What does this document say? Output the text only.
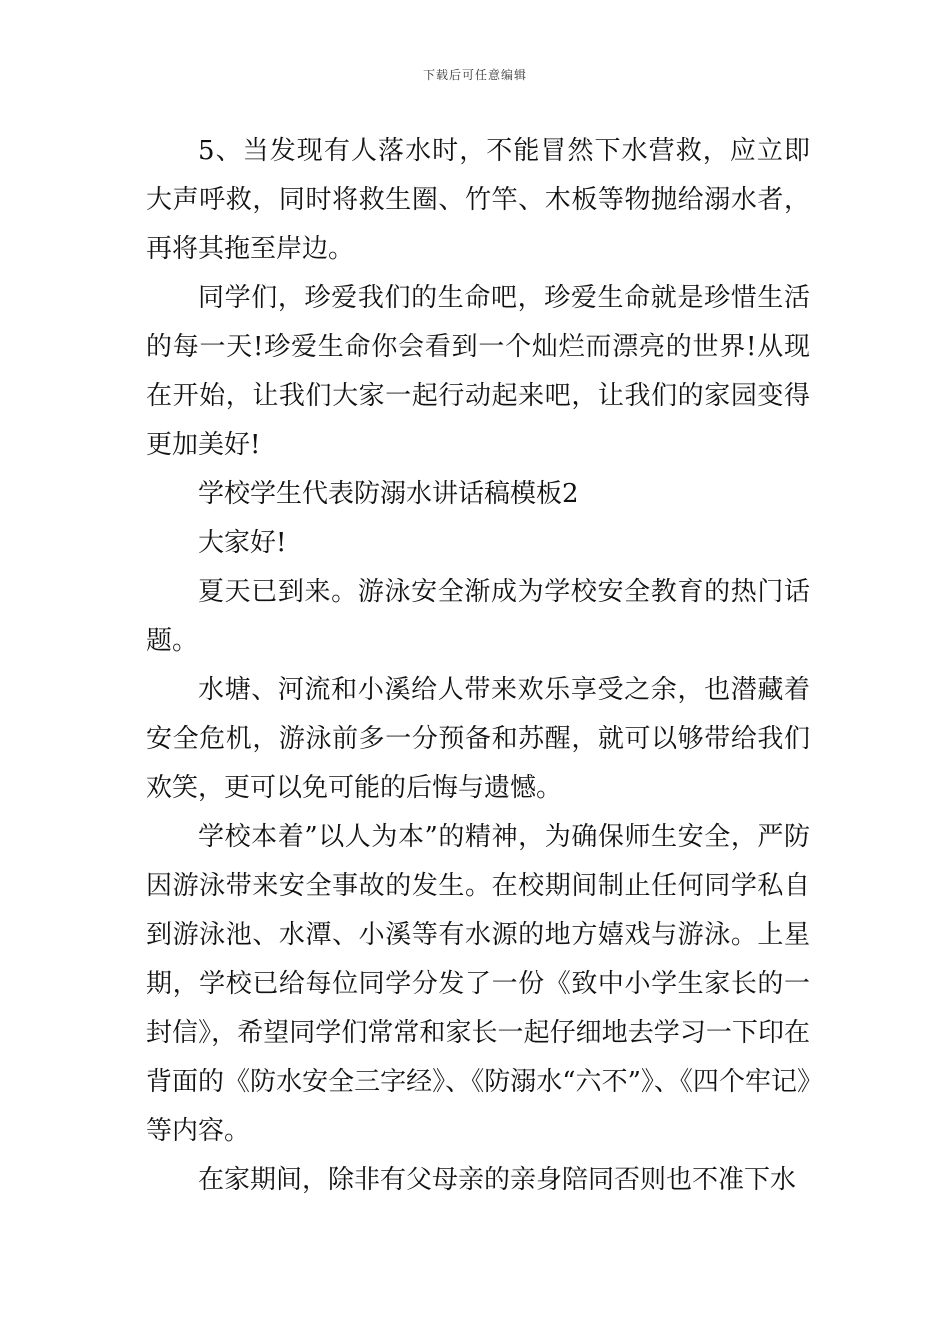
下载后可任意编辑

5、当发现有人落水时，不能冒然下水营救，应立即大声呼救，同时将救生圈、竹竿、木板等物抛给溺水者，再将其拖至岸边。

同学们，珍爱我们的生命吧，珍爱生命就是珍惜生活的每一天!珍爱生命你会看到一个灿烂而漂亮的世界!从现在开始，让我们大家一起行动起来吧，让我们的家园变得更加美好!

学校学生代表防溺水讲话稿模板2

大家好!

夏天已到来。游泳安全渐成为学校安全教育的热门话题。

水塘、河流和小溪给人带来欢乐享受之余，也潜藏着安全危机，游泳前多一分预备和苏醒，就可以够带给我们欢笑，更可以免可能的后悔与遗憾。

学校本着”以人为本”的精神，为确保师生安全，严防因游泳带来安全事故的发生。在校期间制止任何同学私自到游泳池、水潭、小溪等有水源的地方嬉戏与游泳。上星期，学校已给每位同学分发了一份《致中小学生家长的一封信》，希望同学们常常和家长一起仔细地去学习一下印在背面的《防水安全三字经》、《防溺水“六不”》、《四个牢记》等内容。

在家期间，除非有父母亲的亲身陪同否则也不准下水
